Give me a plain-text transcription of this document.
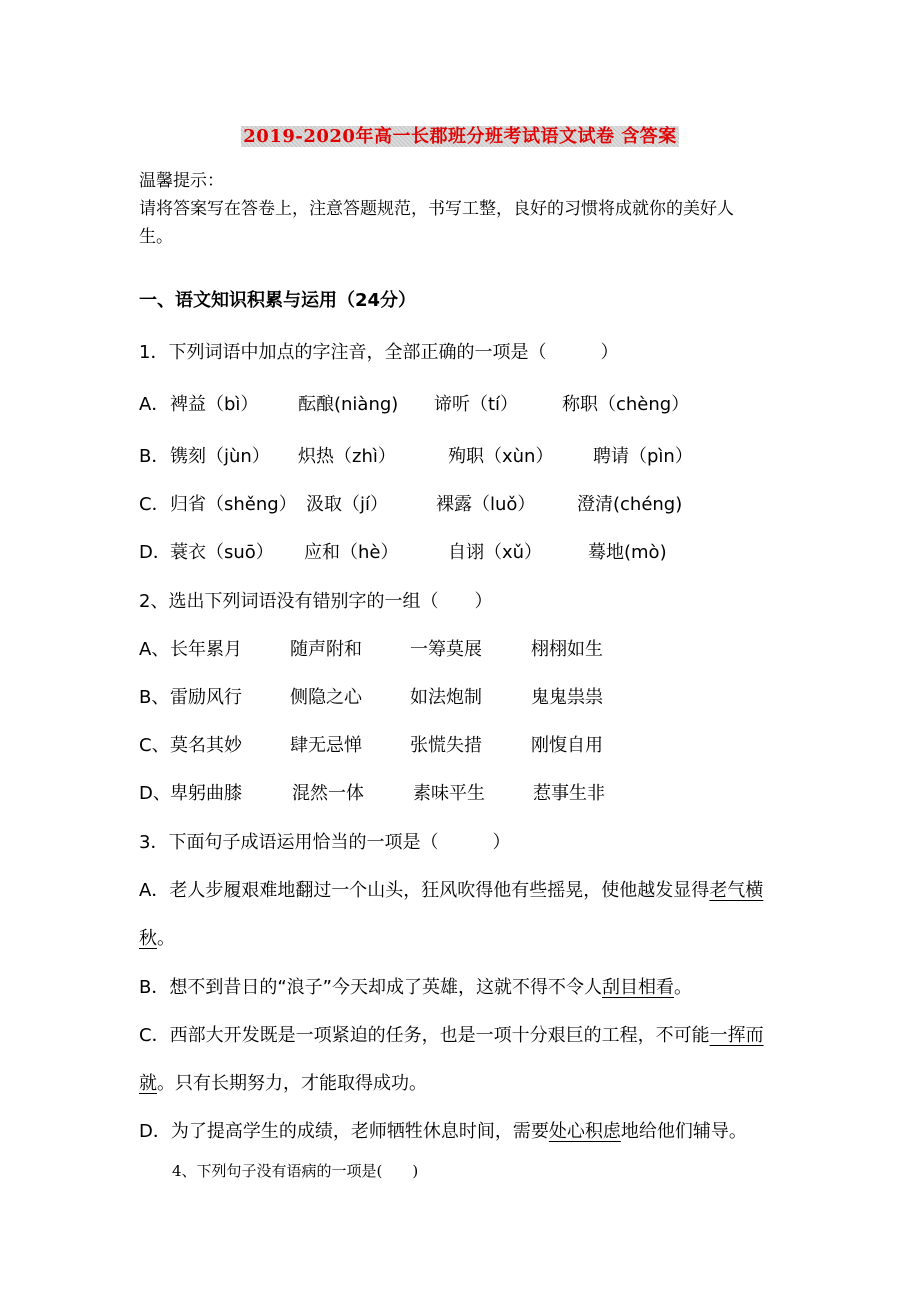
2019-2020年高一长郡班分班考试语文试卷 含答案
温馨提示：
请将答案写在答卷上，注意答题规范，书写工整，良好的习惯将成就你的美好人
生。
一、语文知识积累与运用（24分）
1．下列词语中加点的字注音，全部正确的一项是（　　　）
A． 裨益（bì） 酝酿(niàng) 谛听（tí） 称职（chèng）
B． 镌刻（jùn） 炽热（zhì）	殉职（xùn） 聘请（pìn）
C． 归省（shěng） 汲取（jí）	裸露（luǒ） 澄清(chéng)
D． 蓑衣（suō） 应和（hè）	自诩（xǔ）	蓦地(mò)
2、选出下列词语没有错别字的一组（　　）
A、 长年累月	随声附和	一筹莫展	栩栩如生
B、 雷励风行	侧隐之心	如法炮制	鬼鬼祟祟
C、 莫名其妙	肆无忌惮	张慌失措	刚愎自用
D、 卑躬曲膝	混然一体	素味平生	惹事生非
3．下面句子成语运用恰当的一项是（　　　）
A．老人步履艰难地翻过一个山头，狂风吹得他有些摇晃，使他越发显得老气横
秋。
B．想不到昔日的“浪子”今天却成了英雄，这就不得不令人刮目相看。
C．西部大开发既是一项紧迫的任务，也是一项十分艰巨的工程，不可能一挥而
就。只有长期努力，才能取得成功。
D．为了提高学生的成绩，老师牺牲休息时间，需要处心积虑地给他们辅导。
4、下列句子没有语病的一项是(　　)
